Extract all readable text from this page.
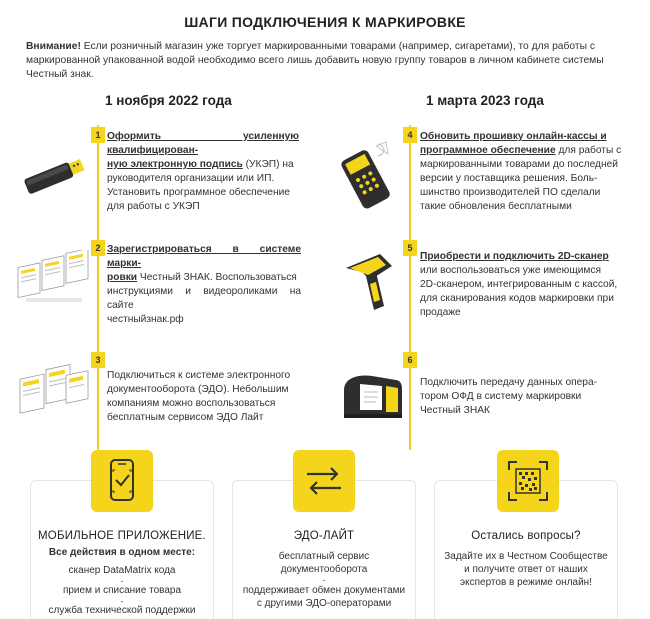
ШАГИ ПОДКЛЮЧЕНИЯ К МАРКИРОВКЕ
Внимание! Если розничный магазин уже торгует маркированными товарами (например, сигаретами), то для работы с
маркированной упакованной водой необходимо всего лишь добавить новую группу товаров в личном кабинете системы
Честный знак.
1 ноября 2022 года	1 марта 2023 года
1
2
3
4
5
6
Оформить усиленную квалифицирован-
ную электронную подпись (УКЭП) на
руководителя организации или ИП.
Установить программное обеспечение
для работы с УКЭП
Зарегистрироваться в системе марки-
ровки Честный ЗНАК. Воспользоваться
инструкциями и видеороликами на сайте
честныйзнак.рф
Подключиться к системе электронного
документооборота (ЭДО). Небольшим
компаниям можно воспользоваться
бесплатным сервисом ЭДО Лайт
Обновить прошивку онлайн-кассы и
программное обеспечение для работы с
маркированными товарами до последней
версии у поставщика решения. Боль-
шинство производителей ПО сделали
такие обновления бесплатными
Приобрести и подключить 2D-сканер
или воспользоваться уже имеющимся
2D-сканером, интегрированным с кассой,
для сканирования кодов маркировки при
продаже
Подключить передачу данных опера-
тором ОФД в систему маркировки
Честный ЗНАК
МОБИЛЬНОЕ ПРИЛОЖЕНИЕ.
Все действия в одном месте:
сканер DataMatrix кода
-
прием и списание товара
-
служба технической поддержки
ЭДО-ЛАЙТ
бесплатный сервис
документооборота
-
поддерживает обмен документами
с другими ЭДО-операторами
Остались вопросы?
Задайте их в Честном Сообществе
и получите ответ от наших
экспертов в режиме онлайн!
